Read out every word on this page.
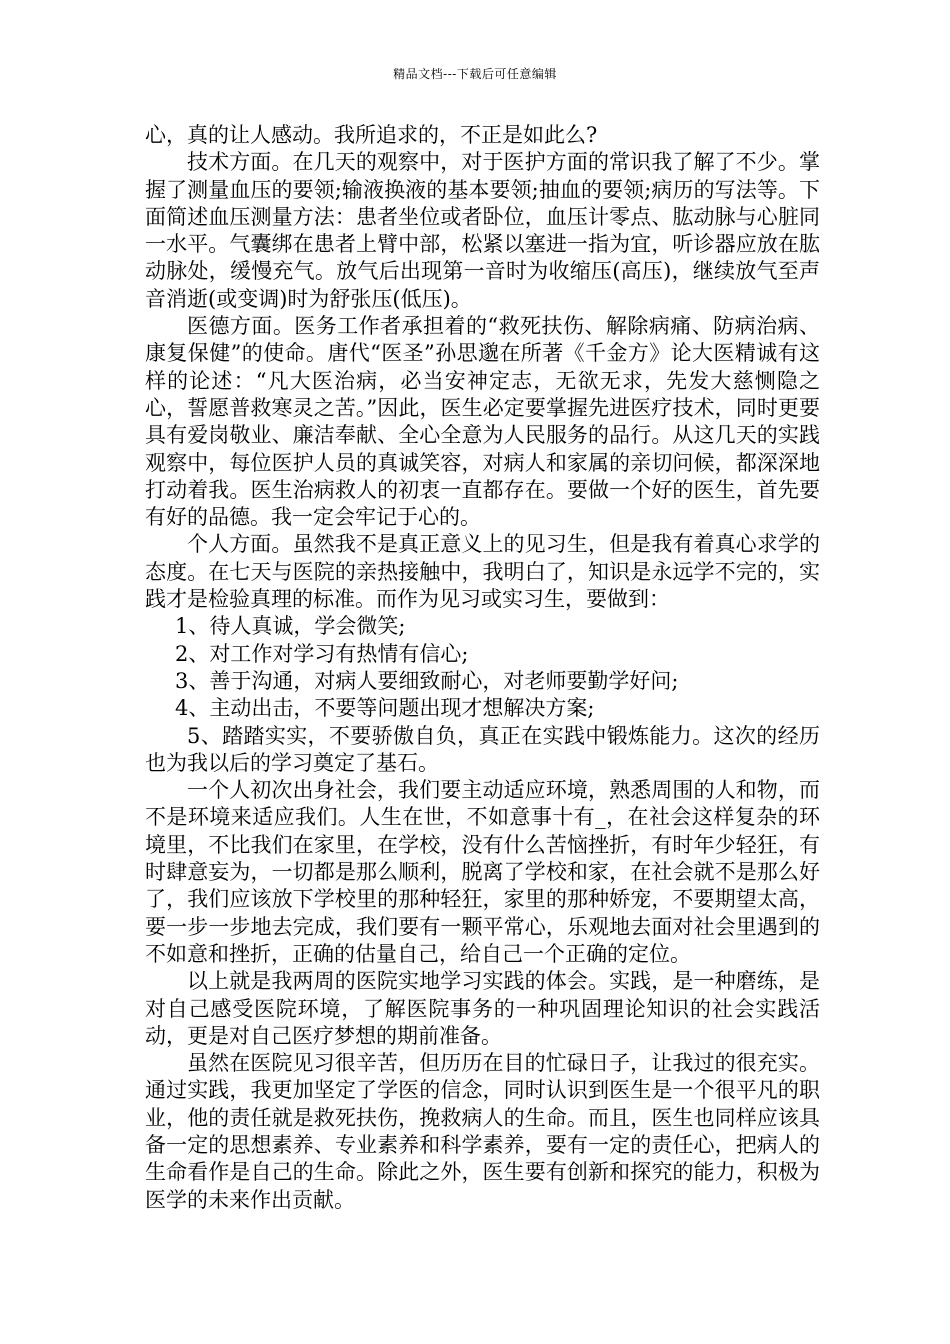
精品文档---下载后可任意编辑

心，真的让人感动。我所追求的，不正是如此么?

技术方面。在几天的观察中，对于医护方面的常识我了解了不少。掌握了测量血压的要领;输液换液的基本要领;抽血的要领;病历的写法等。下面简述血压测量方法：患者坐位或者卧位，血压计零点、肱动脉与心脏同一水平。气囊绑在患者上臂中部，松紧以塞进一指为宜，听诊器应放在肱动脉处，缓慢充气。放气后出现第一音时为收缩压(高压)，继续放气至声音消逝(或变调)时为舒张压(低压)。

医德方面。医务工作者承担着的“救死扶伤、解除病痛、防病治病、康复保健”的使命。唐代“医圣”孙思邈在所著《千金方》论大医精诚有这样的论述：“凡大医治病，必当安神定志，无欲无求，先发大慈恻隐之心，誓愿普救寒灵之苦。”因此，医生必定要掌握先进医疗技术，同时更要具有爱岗敬业、廉洁奉献、全心全意为人民服务的品行。从这几天的实践观察中，每位医护人员的真诚笑容，对病人和家属的亲切问候，都深深地打动着我。医生治病救人的初衷一直都存在。要做一个好的医生，首先要有好的品德。我一定会牢记于心的。

个人方面。虽然我不是真正意义上的见习生，但是我有着真心求学的态度。在七天与医院的亲热接触中，我明白了，知识是永远学不完的，实践才是检验真理的标准。而作为见习或实习生，要做到：

1、待人真诚，学会微笑;

2、对工作对学习有热情有信心;

3、善于沟通，对病人要细致耐心，对老师要勤学好问;

4、主动出击，不要等问题出现才想解决方案;

5、踏踏实实，不要骄傲自负，真正在实践中锻炼能力。这次的经历也为我以后的学习奠定了基石。

一个人初次出身社会，我们要主动适应环境，熟悉周围的人和物，而不是环境来适应我们。人生在世，不如意事十有_，在社会这样复杂的环境里，不比我们在家里，在学校，没有什么苦恼挫折，有时年少轻狂，有时肆意妄为，一切都是那么顺利，脱离了学校和家，在社会就不是那么好了，我们应该放下学校里的那种轻狂，家里的那种娇宠，不要期望太高，要一步一步地去完成，我们要有一颗平常心，乐观地去面对社会里遇到的不如意和挫折，正确的估量自己，给自己一个正确的定位。

以上就是我两周的医院实地学习实践的体会。实践，是一种磨练，是对自己感受医院环境，了解医院事务的一种巩固理论知识的社会实践活动，更是对自己医疗梦想的期前准备。

虽然在医院见习很辛苦，但历历在目的忙碌日子，让我过的很充实。通过实践，我更加坚定了学医的信念，同时认识到医生是一个很平凡的职业，他的责任就是救死扶伤，挽救病人的生命。而且，医生也同样应该具备一定的思想素养、专业素养和科学素养，要有一定的责任心，把病人的生命看作是自己的生命。除此之外，医生要有创新和探究的能力，积极为医学的未来作出贡献。
